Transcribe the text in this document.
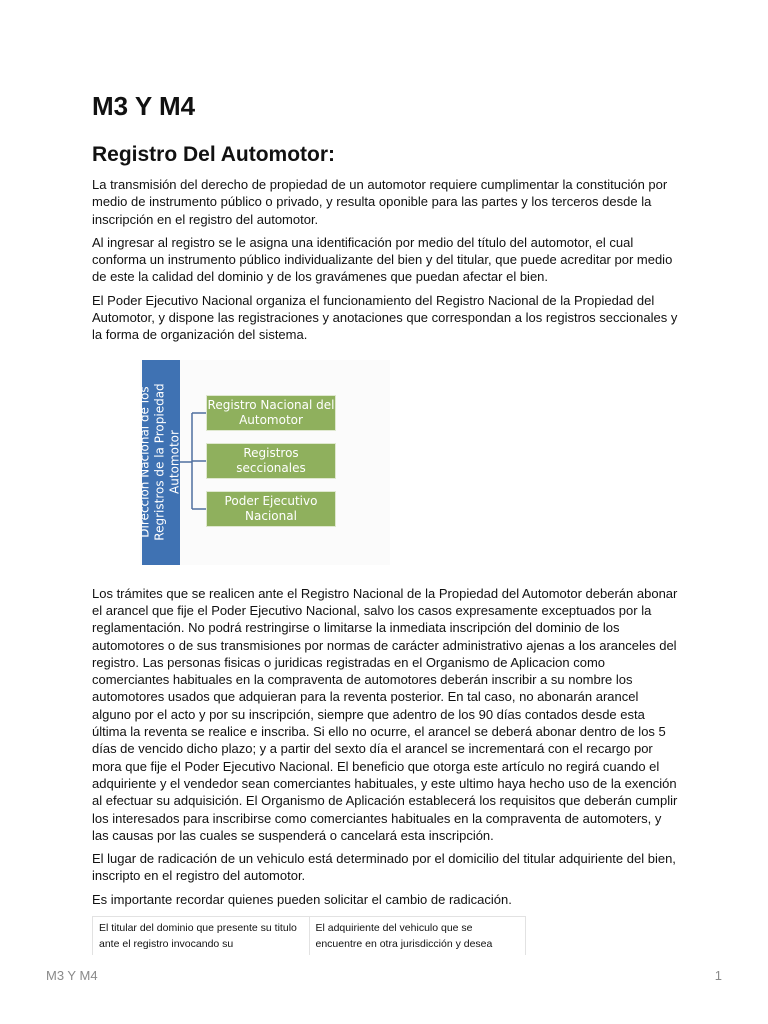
M3 Y M4
Registro Del Automotor:

La transmisión del derecho de propiedad de un automotor requiere cumplimentar la constitución por medio de instrumento público o privado, y resulta oponible para las partes y los terceros desde la inscripción en el registro del automotor.

Al ingresar al registro se le asigna una identificación por medio del título del automotor, el cual conforma un instrumento público individualizante del bien y del titular, que puede acreditar por medio de este la calidad del dominio y de los gravámenes que puedan afectar el bien.

El Poder Ejecutivo Nacional organiza el funcionamiento del Registro Nacional de la Propiedad del Automotor, y dispone las registraciones y anotaciones que correspondan a los registros seccionales y la forma de organización del sistema.

Dirección Nacional de los Regristros de la Propiedad Automotor
Registro Nacional del Automotor
Registros seccionales
Poder Ejecutivo Nacional

Los trámites que se realicen ante el Registro Nacional de la Propiedad del Automotor deberán abonar el arancel que fije el Poder Ejecutivo Nacional, salvo los casos expresamente exceptuados por la reglamentación. No podrá restringirse o limitarse la inmediata inscripción del dominio de los automotores o de sus transmisiones por normas de carácter administrativo ajenas a los aranceles del registro. Las personas fisicas o juridicas registradas en el Organismo de Aplicacion como comerciantes habituales en la compraventa de automotores deberán inscribir a su nombre los automotores usados que adquieran para la reventa posterior. En tal caso, no abonarán arancel alguno por el acto y por su inscripción, siempre que adentro de los 90 días contados desde esta última la reventa se realice e inscriba. Si ello no ocurre, el arancel se deberá abonar dentro de los 5 días de vencido dicho plazo; y a partir del sexto día el arancel se incrementará con el recargo por mora que fije el Poder Ejecutivo Nacional. El beneficio que otorga este artículo no regirá cuando el adquiriente y el vendedor sean comerciantes habituales, y este ultimo haya hecho uso de la exención al efectuar su adquisición. El Organismo de Aplicación establecerá los requisitos que deberán cumplir los interesados para inscribirse como comerciantes habituales en la compraventa de automoters, y las causas por las cuales se suspenderá o cancelará esta inscripción.

El lugar de radicación de un vehiculo está determinado por el domicilio del titular adquiriente del bien, inscripto en el registro del automotor.

Es importante recordar quienes pueden solicitar el cambio de radicación.

El titular del dominio que presente su titulo ante el registro invocando su	El adquiriente del vehiculo que se encuentre en otra jurisdicción y desea
M3 Y M4	1
